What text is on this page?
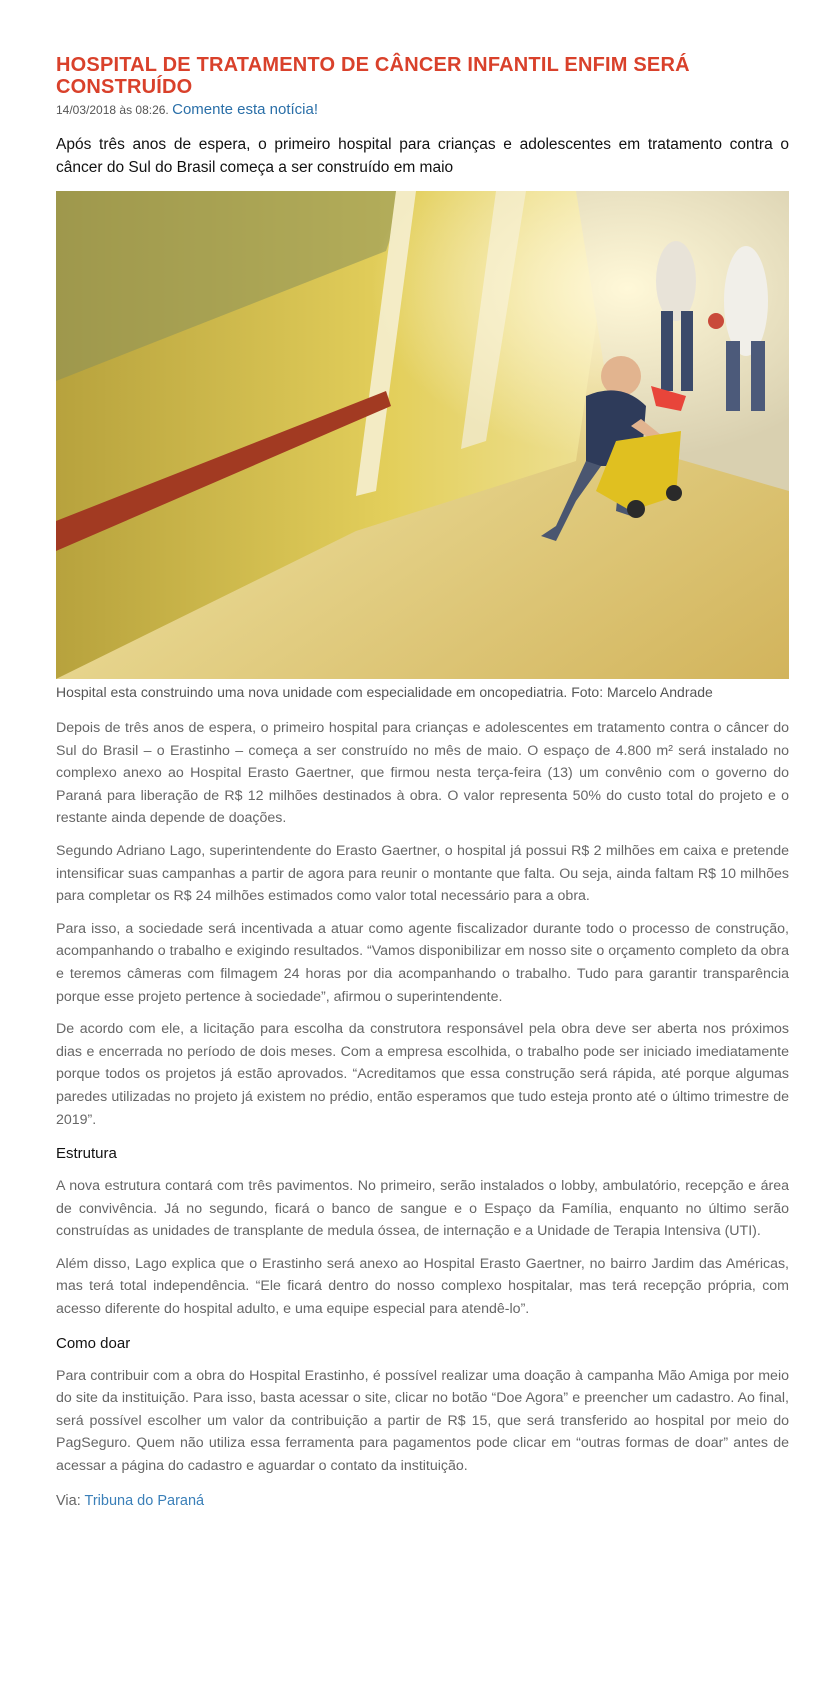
HOSPITAL DE TRATAMENTO DE CÂNCER INFANTIL ENFIM SERÁ CONSTRUÍDO
14/03/2018 às 08:26. Comente esta notícia!

Após três anos de espera, o primeiro hospital para crianças e adolescentes em tratamento contra o câncer do Sul do Brasil começa a ser construído em maio

Hospital esta construindo uma nova unidade com especialidade em oncopediatria. Foto: Marcelo Andrade

Depois de três anos de espera, o primeiro hospital para crianças e adolescentes em tratamento contra o câncer do Sul do Brasil – o Erastinho – começa a ser construído no mês de maio. O espaço de 4.800 m² será instalado no complexo anexo ao Hospital Erasto Gaertner, que firmou nesta terça-feira (13) um convênio com o governo do Paraná para liberação de R$ 12 milhões destinados à obra. O valor representa 50% do custo total do projeto e o restante ainda depende de doações.

Segundo Adriano Lago, superintendente do Erasto Gaertner, o hospital já possui R$ 2 milhões em caixa e pretende intensificar suas campanhas a partir de agora para reunir o montante que falta. Ou seja, ainda faltam R$ 10 milhões para completar os R$ 24 milhões estimados como valor total necessário para a obra.

Para isso, a sociedade será incentivada a atuar como agente fiscalizador durante todo o processo de construção, acompanhando o trabalho e exigindo resultados. “Vamos disponibilizar em nosso site o orçamento completo da obra e teremos câmeras com filmagem 24 horas por dia acompanhando o trabalho. Tudo para garantir transparência porque esse projeto pertence à sociedade”, afirmou o superintendente.

De acordo com ele, a licitação para escolha da construtora responsável pela obra deve ser aberta nos próximos dias e encerrada no período de dois meses. Com a empresa escolhida, o trabalho pode ser iniciado imediatamente porque todos os projetos já estão aprovados. “Acreditamos que essa construção será rápida, até porque algumas paredes utilizadas no projeto já existem no prédio, então esperamos que tudo esteja pronto até o último trimestre de 2019”.

Estrutura

A nova estrutura contará com três pavimentos. No primeiro, serão instalados o lobby, ambulatório, recepção e área de convivência. Já no segundo, ficará o banco de sangue e o Espaço da Família, enquanto no último serão construídas as unidades de transplante de medula óssea, de internação e a Unidade de Terapia Intensiva (UTI).

Além disso, Lago explica que o Erastinho será anexo ao Hospital Erasto Gaertner, no bairro Jardim das Américas, mas terá total independência. “Ele ficará dentro do nosso complexo hospitalar, mas terá recepção própria, com acesso diferente do hospital adulto, e uma equipe especial para atendê-lo”.

Como doar

Para contribuir com a obra do Hospital Erastinho, é possível realizar uma doação à campanha Mão Amiga por meio do site da instituição. Para isso, basta acessar o site, clicar no botão “Doe Agora” e preencher um cadastro. Ao final, será possível escolher um valor da contribuição a partir de R$ 15, que será transferido ao hospital por meio do PagSeguro. Quem não utiliza essa ferramenta para pagamentos pode clicar em “outras formas de doar” antes de acessar a página do cadastro e aguardar o contato da instituição.

Via: Tribuna do Paraná
